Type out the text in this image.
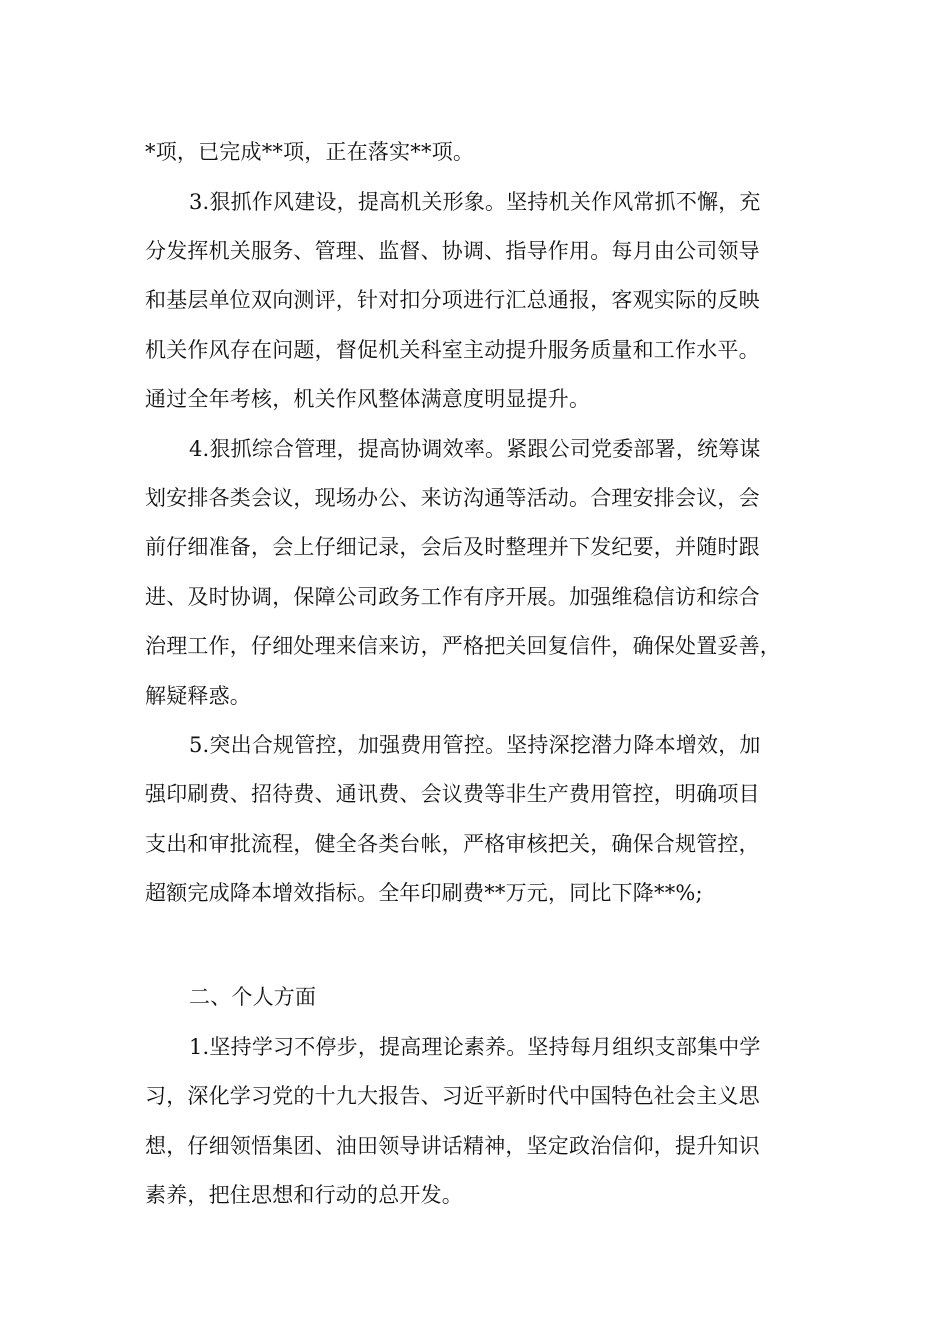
*项，已完成**项，正在落实**项。
3.狠抓作风建设，提高机关形象。坚持机关作风常抓不懈，充
分发挥机关服务、管理、监督、协调、指导作用。每月由公司领导
和基层单位双向测评，针对扣分项进行汇总通报，客观实际的反映
机关作风存在问题，督促机关科室主动提升服务质量和工作水平。
通过全年考核，机关作风整体满意度明显提升。
4.狠抓综合管理，提高协调效率。紧跟公司党委部署，统筹谋
划安排各类会议，现场办公、来访沟通等活动。合理安排会议，会
前仔细准备，会上仔细记录，会后及时整理并下发纪要，并随时跟
进、及时协调，保障公司政务工作有序开展。加强维稳信访和综合
治理工作，仔细处理来信来访，严格把关回复信件，确保处置妥善，
解疑释惑。
5.突出合规管控，加强费用管控。坚持深挖潜力降本增效，加
强印刷费、招待费、通讯费、会议费等非生产费用管控，明确项目
支出和审批流程，健全各类台帐，严格审核把关，确保合规管控，
超额完成降本增效指标。全年印刷费**万元，同比下降**%;
二、个人方面
1.坚持学习不停步，提高理论素养。坚持每月组织支部集中学
习，深化学习党的十九大报告、习近平新时代中国特色社会主义思
想，仔细领悟集团、油田领导讲话精神，坚定政治信仰，提升知识
素养，把住思想和行动的总开发。
